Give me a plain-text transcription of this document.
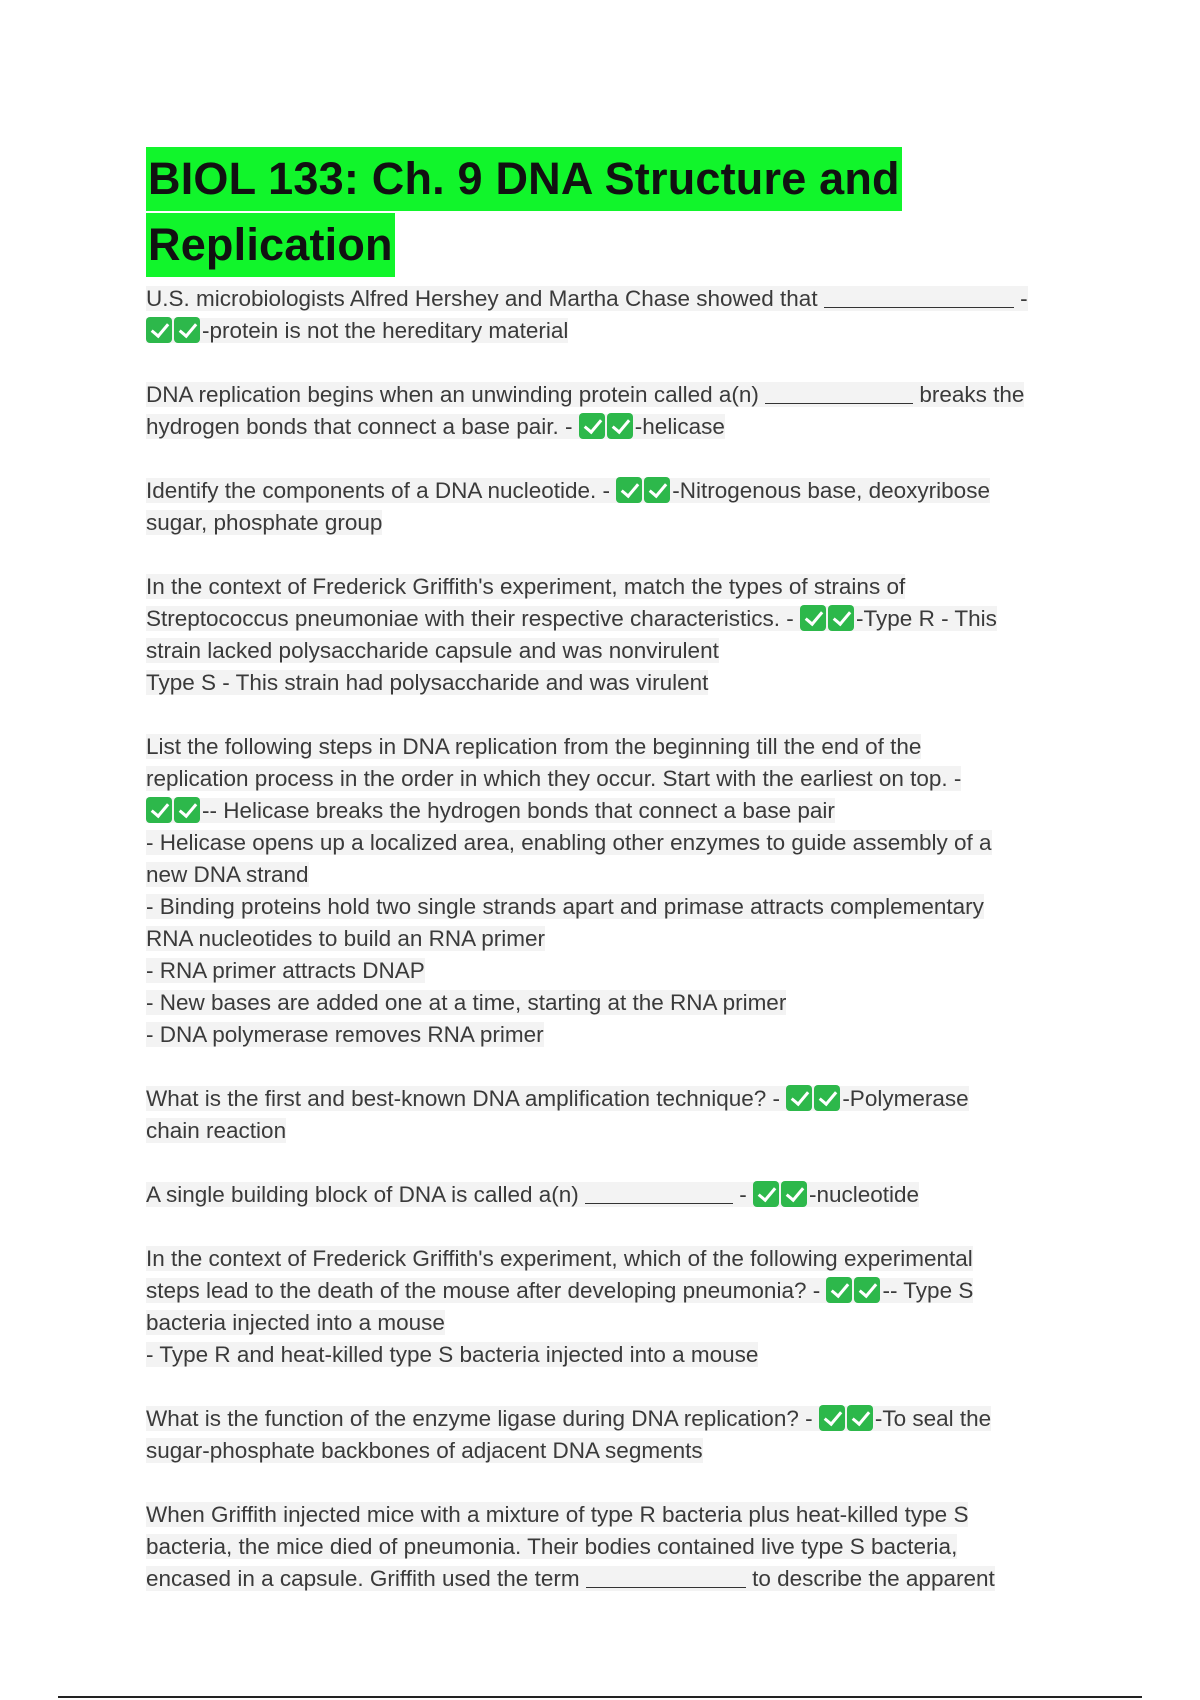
BIOL 133: Ch. 9 DNA Structure and
Replication
U.S. microbiologists Alfred Hershey and Martha Chase showed that	-
-protein is not the hereditary material
DNA replication begins when an unwinding protein called a(n)	breaks the
hydrogen bonds that connect a base pair. - -helicase
Identify the components of a DNA nucleotide. - -Nitrogenous base, deoxyribose
sugar, phosphate group
In the context of Frederick Griffith's experiment, match the types of strains of
Streptococcus pneumoniae with their respective characteristics. - -Type R - This
strain lacked polysaccharide capsule and was nonvirulent
Type S - This strain had polysaccharide and was virulent
List the following steps in DNA replication from the beginning till the end of the
replication process in the order in which they occur. Start with the earliest on top. -
-- Helicase breaks the hydrogen bonds that connect a base pair
- Helicase opens up a localized area, enabling other enzymes to guide assembly of a
new DNA strand
- Binding proteins hold two single strands apart and primase attracts complementary
RNA nucleotides to build an RNA primer
- RNA primer attracts DNAP
- New bases are added one at a time, starting at the RNA primer
- DNA polymerase removes RNA primer
What is the first and best-known DNA amplification technique? - -Polymerase
chain reaction
A single building block of DNA is called a(n)	- -nucleotide
In the context of Frederick Griffith's experiment, which of the following experimental
steps lead to the death of the mouse after developing pneumonia? - -- Type S
bacteria injected into a mouse
- Type R and heat-killed type S bacteria injected into a mouse
What is the function of the enzyme ligase during DNA replication? - -To seal the
sugar-phosphate backbones of adjacent DNA segments
When Griffith injected mice with a mixture of type R bacteria plus heat-killed type S
bacteria, the mice died of pneumonia. Their bodies contained live type S bacteria,
encased in a capsule. Griffith used the term	to describe the apparent
